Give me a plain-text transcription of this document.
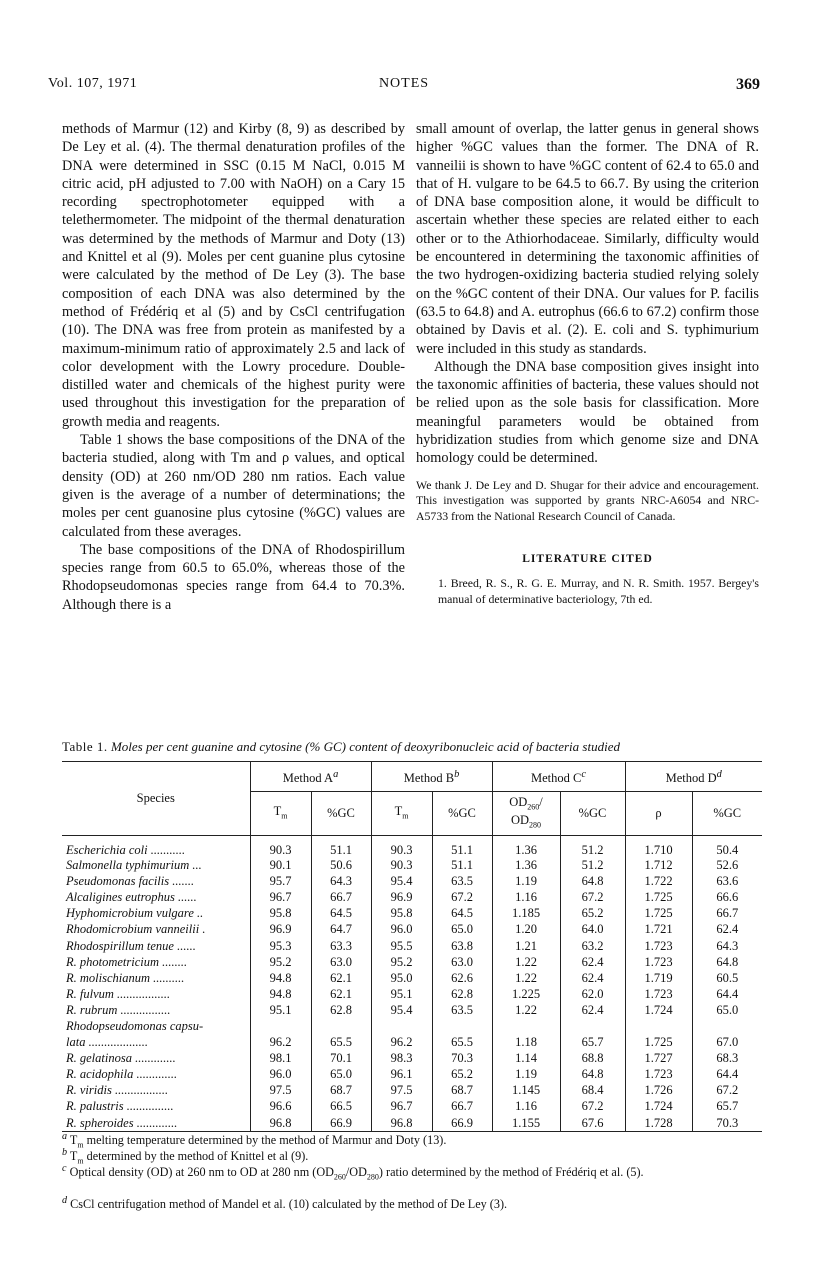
Vol. 107, 1971	NOTES	369

methods of Marmur (12) and Kirby (8, 9) as described by De Ley et al. (4). The thermal denaturation profiles of the DNA were determined in SSC (0.15 M NaCl, 0.015 M citric acid, pH adjusted to 7.00 with NaOH) on a Cary 15 recording spectrophotometer equipped with a telethermometer. The midpoint of the thermal denaturation was determined by the methods of Marmur and Doty (13) and Knittel et al (9). Moles per cent guanine plus cytosine were calculated by the method of De Ley (3). The base composition of each DNA was also determined by the method of Frédériq et al (5) and by CsCl centrifugation (10). The DNA was free from protein as manifested by a maximum-minimum ratio of approximately 2.5 and lack of color development with the Lowry procedure. Double-distilled water and chemicals of the highest purity were used throughout this investigation for the preparation of growth media and reagents.

Table 1 shows the base compositions of the DNA of the bacteria studied, along with Tm and ρ values, and optical density (OD) at 260 nm/OD 280 nm ratios. Each value given is the average of a number of determinations; the moles per cent guanosine plus cytosine (%GC) values are calculated from these averages.

The base compositions of the DNA of Rhodospirillum species range from 60.5 to 65.0%, whereas those of the Rhodopseudomonas species range from 64.4 to 70.3%. Although there is a

small amount of overlap, the latter genus in general shows higher %GC values than the former. The DNA of R. vanneilii is shown to have %GC content of 62.4 to 65.0 and that of H. vulgare to be 64.5 to 66.7. By using the criterion of DNA base composition alone, it would be difficult to ascertain whether these species are related either to each other or to the Athiorhodaceae. Similarly, difficulty would be encountered in determining the taxonomic affinities of the two hydrogen-oxidizing bacteria studied relying solely on the %GC content of their DNA. Our values for P. facilis (63.5 to 64.8) and A. eutrophus (66.6 to 67.2) confirm those obtained by Davis et al. (2). E. coli and S. typhimurium were included in this study as standards.

Although the DNA base composition gives insight into the taxonomic affinities of bacteria, these values should not be relied upon as the sole basis for classification. More meaningful parameters would be obtained from hybridization studies from which genome size and DNA homology could be determined.

We thank J. De Ley and D. Shugar for their advice and encouragement. This investigation was supported by grants NRC-A6054 and NRC-A5733 from the National Research Council of Canada.

LITERATURE CITED

1. Breed, R. S., R. G. E. Murray, and N. R. Smith. 1957. Bergey's manual of determinative bacteriology, 7th ed.

Table 1. Moles per cent guanine and cytosine (% GC) content of deoxyribonucleic acid of bacteria studied
Species	Method $A^a$		Method $B^b$		Method $C^c$		Method $D^d$
	$T_m$	%GC	$T_m$	%GC	$OD_{260}/$
$OD_{280}$	%GC	ρ	%GC
Escherichia coli ...........	90.3	51.1	90.3	51.1	1.36	51.2	1.710	50.4
Salmonella typhimurium ...	90.1	50.6	90.3	51.1	1.36	51.2	1.712	52.6
Pseudomonas facilis .......	95.7	64.3	95.4	63.5	1.19	64.8	1.722	63.6
Alcaligines eutrophus ......	96.7	66.7	96.9	67.2	1.16	67.2	1.725	66.6
Hyphomicrobium vulgare ..	95.8	64.5	95.8	64.5	1.185	65.2	1.725	66.7
Rhodomicrobium vanneilii .	96.9	64.7	96.0	65.0	1.20	64.0	1.721	62.4
Rhodospirillum tenue ......	95.3	63.3	95.5	63.8	1.21	63.2	1.723	64.3
R. photometricium ........	95.2	63.0	95.2	63.0	1.22	62.4	1.723	64.8
R. molischianum ..........	94.8	62.1	95.0	62.6	1.22	62.4	1.719	60.5
R. fulvum .................	94.8	62.1	95.1	62.8	1.225	62.0	1.723	64.4
R. rubrum ................	95.1	62.8	95.4	63.5	1.22	62.4	1.724	65.0
Rhodopseudomonas capsu-								
lata ...................	96.2	65.5	96.2	65.5	1.18	65.7	1.725	67.0
R. gelatinosa .............	98.1	70.1	98.3	70.3	1.14	68.8	1.727	68.3
R. acidophila .............	96.0	65.0	96.1	65.2	1.19	64.8	1.723	64.4
R. viridis .................	97.5	68.7	97.5	68.7	1.145	68.4	1.726	67.2
R. palustris ...............	96.6	66.5	96.7	66.7	1.16	67.2	1.724	65.7
R. spheroides .............	96.8	66.9	96.8	66.9	1.155	67.6	1.728	70.3
$^a$ $T_m$ melting temperature determined by the method of Marmur and Doty (13).
$^b$ $T_m$ determined by the method of Knittel et al (9).
$^c$ Optical density (OD) at 260 nm to OD at 280 nm $(OD_{260}/OD_{280})$ ratio determined by the method of Frédériq et al. (5).
$^d$ CsCl centrifugation method of Mandel et al. (10) calculated by the method of De Ley (3).
